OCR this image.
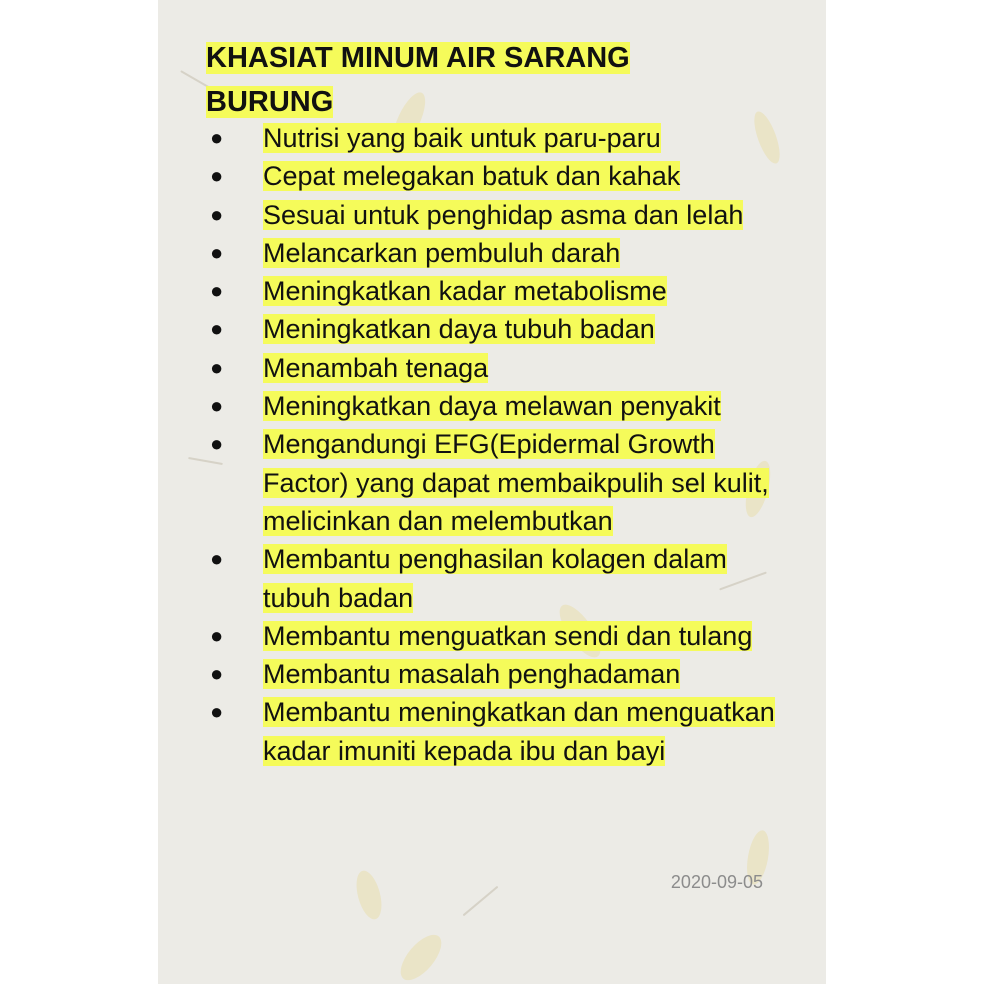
KHASIAT MINUM AIR SARANG BURUNG
● Nutrisi yang baik untuk paru-paru
● Cepat melegakan batuk dan kahak
● Sesuai untuk penghidap asma dan lelah
● Melancarkan pembuluh darah
● Meningkatkan kadar metabolisme
● Meningkatkan daya tubuh badan
● Menambah tenaga
● Meningkatkan daya melawan penyakit
● Mengandungi EFG(Epidermal Growth Factor) yang dapat membaikpulih sel kulit, melicinkan dan melembutkan
● Membantu penghasilan kolagen dalam tubuh badan
● Membantu menguatkan sendi dan tulang
● Membantu masalah penghadaman
● Membantu meningkatkan dan menguatkan kadar imuniti kepada ibu dan bayi
2020-09-05
